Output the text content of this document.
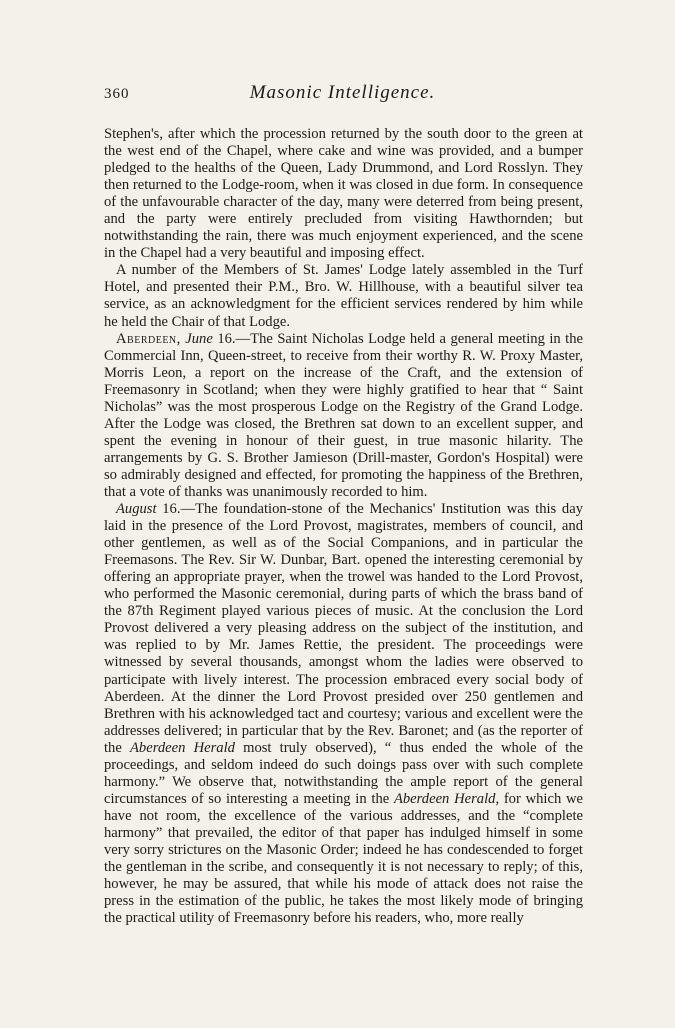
360	Masonic Intelligence.

Stephen's, after which the procession returned by the south door to the green at the west end of the Chapel, where cake and wine was provided, and a bumper pledged to the healths of the Queen, Lady Drummond, and Lord Rosslyn. They then returned to the Lodge-room, when it was closed in due form. In consequence of the unfavourable character of the day, many were deterred from being present, and the party were entirely precluded from visiting Hawthornden; but notwithstanding the rain, there was much enjoyment experienced, and the scene in the Chapel had a very beautiful and imposing effect.

A number of the Members of St. James' Lodge lately assembled in the Turf Hotel, and presented their P.M., Bro. W. Hillhouse, with a beautiful silver tea service, as an acknowledgment for the efficient services rendered by him while he held the Chair of that Lodge.

Aberdeen, June 16.—The Saint Nicholas Lodge held a general meeting in the Commercial Inn, Queen-street, to receive from their worthy R. W. Proxy Master, Morris Leon, a report on the increase of the Craft, and the extension of Freemasonry in Scotland; when they were highly gratified to hear that “ Saint Nicholas” was the most prosperous Lodge on the Registry of the Grand Lodge. After the Lodge was closed, the Brethren sat down to an excellent supper, and spent the evening in honour of their guest, in true masonic hilarity. The arrangements by G. S. Brother Jamieson (Drill-master, Gordon's Hospital) were so admirably designed and effected, for promoting the happiness of the Brethren, that a vote of thanks was unanimously recorded to him.

August 16.—The foundation-stone of the Mechanics' Institution was this day laid in the presence of the Lord Provost, magistrates, members of council, and other gentlemen, as well as of the Social Companions, and in particular the Freemasons. The Rev. Sir W. Dunbar, Bart. opened the interesting ceremonial by offering an appropriate prayer, when the trowel was handed to the Lord Provost, who performed the Masonic ceremonial, during parts of which the brass band of the 87th Regiment played various pieces of music. At the conclusion the Lord Provost delivered a very pleasing address on the subject of the institution, and was replied to by Mr. James Rettie, the president. The proceedings were witnessed by several thousands, amongst whom the ladies were observed to participate with lively interest. The procession embraced every social body of Aberdeen. At the dinner the Lord Provost presided over 250 gentlemen and Brethren with his acknowledged tact and courtesy; various and excellent were the addresses delivered; in particular that by the Rev. Baronet; and (as the reporter of the Aberdeen Herald most truly observed), “ thus ended the whole of the proceedings, and seldom indeed do such doings pass over with such complete harmony.” We observe that, notwithstanding the ample report of the general circumstances of so interesting a meeting in the Aberdeen Herald, for which we have not room, the excellence of the various addresses, and the “complete harmony” that prevailed, the editor of that paper has indulged himself in some very sorry strictures on the Masonic Order; indeed he has condescended to forget the gentleman in the scribe, and consequently it is not necessary to reply; of this, however, he may be assured, that while his mode of attack does not raise the press in the estimation of the public, he takes the most likely mode of bringing the practical utility of Freemasonry before his readers, who, more really
